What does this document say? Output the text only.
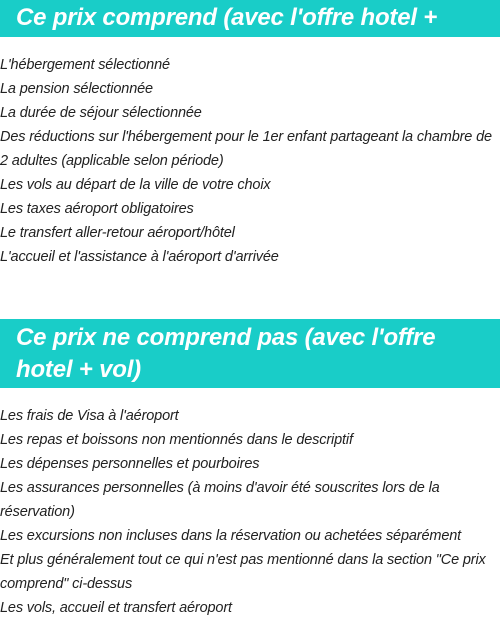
Ce prix comprend (avec l'offre hotel + vol)
L'hébergement sélectionné
La pension sélectionnée
La durée de séjour sélectionnée
Des réductions sur l'hébergement pour le 1er enfant partageant la chambre de 2 adultes (applicable selon période)
Les vols au départ de la ville de votre choix
Les taxes aéroport obligatoires
Le transfert aller-retour aéroport/hôtel
L'accueil et l'assistance à l'aéroport d'arrivée
Ce prix ne comprend pas (avec l'offre hotel + vol)
Les frais de Visa à l'aéroport
Les repas et boissons non mentionnés dans le descriptif
Les dépenses personnelles et pourboires
Les assurances personnelles (à moins d'avoir été souscrites lors de la réservation)
Les excursions non incluses dans la réservation ou achetées séparément
Et plus généralement tout ce qui n'est pas mentionné dans la section "Ce prix comprend" ci-dessus
Les vols, accueil et transfert aéroport
